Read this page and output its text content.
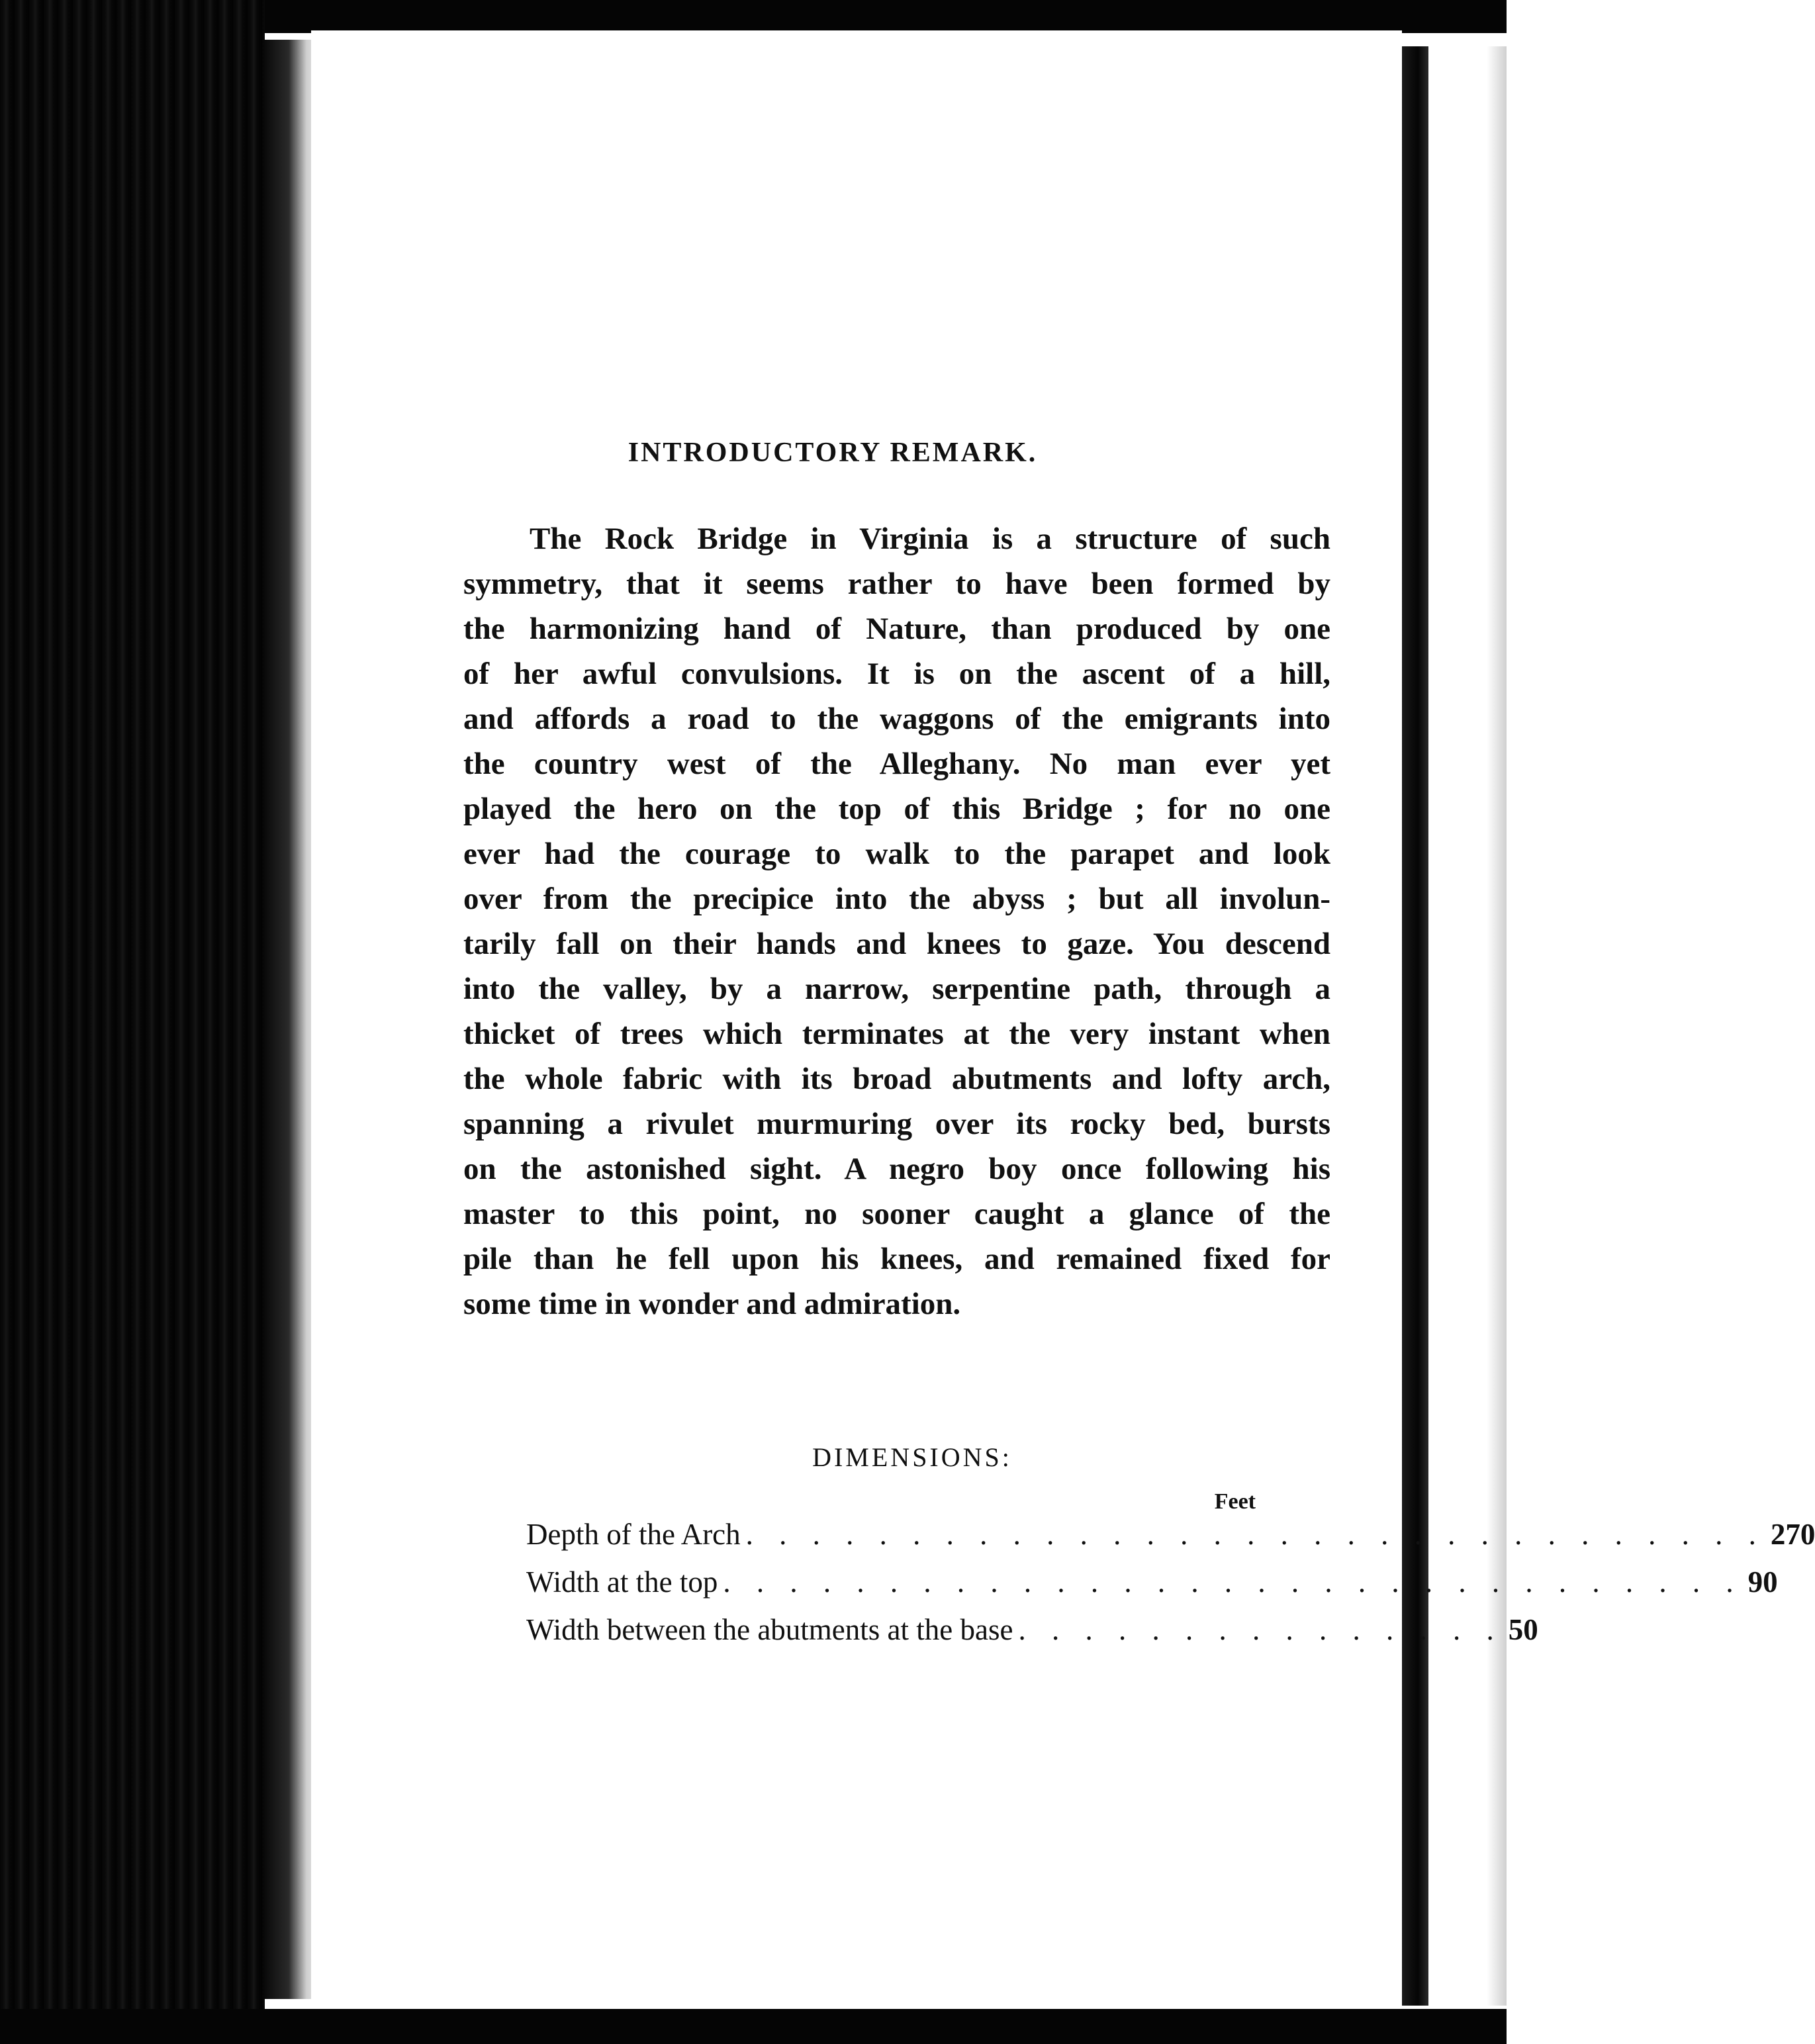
INTRODUCTORY REMARK.
The Rock Bridge in Virginia is a structure of such
symmetry, that it seems rather to have been formed by
the harmonizing hand of Nature, than produced by one
of her awful convulsions. It is on the ascent of a hill,
and affords a road to the waggons of the emigrants into
the country west of the Alleghany. No man ever yet
played the hero on the top of this Bridge ; for no one
ever had the courage to walk to the parapet and look
over from the precipice into the abyss ; but all involun-
tarily fall on their hands and knees to gaze. You descend
into the valley, by a narrow, serpentine path, through a
thicket of trees which terminates at the very instant when
the whole fabric with its broad abutments and lofty arch,
spanning a rivulet murmuring over its rocky bed, bursts
on the astonished sight. A negro boy once following his
master to this point, no sooner caught a glance of the
pile than he fell upon his knees, and remained fixed for
some time in wonder and admiration.
DIMENSIONS:
Feet
Depth of the Arch . . . . . . . . . . . . . . . . . . . . . . . . . . . . . . . 270
Width at the top . . . . . . . . . . . . . . . . . . . . . . . . . . . . . . . 90
Width between the abutments at the base . . . . . . . . . . . . . . . 50
